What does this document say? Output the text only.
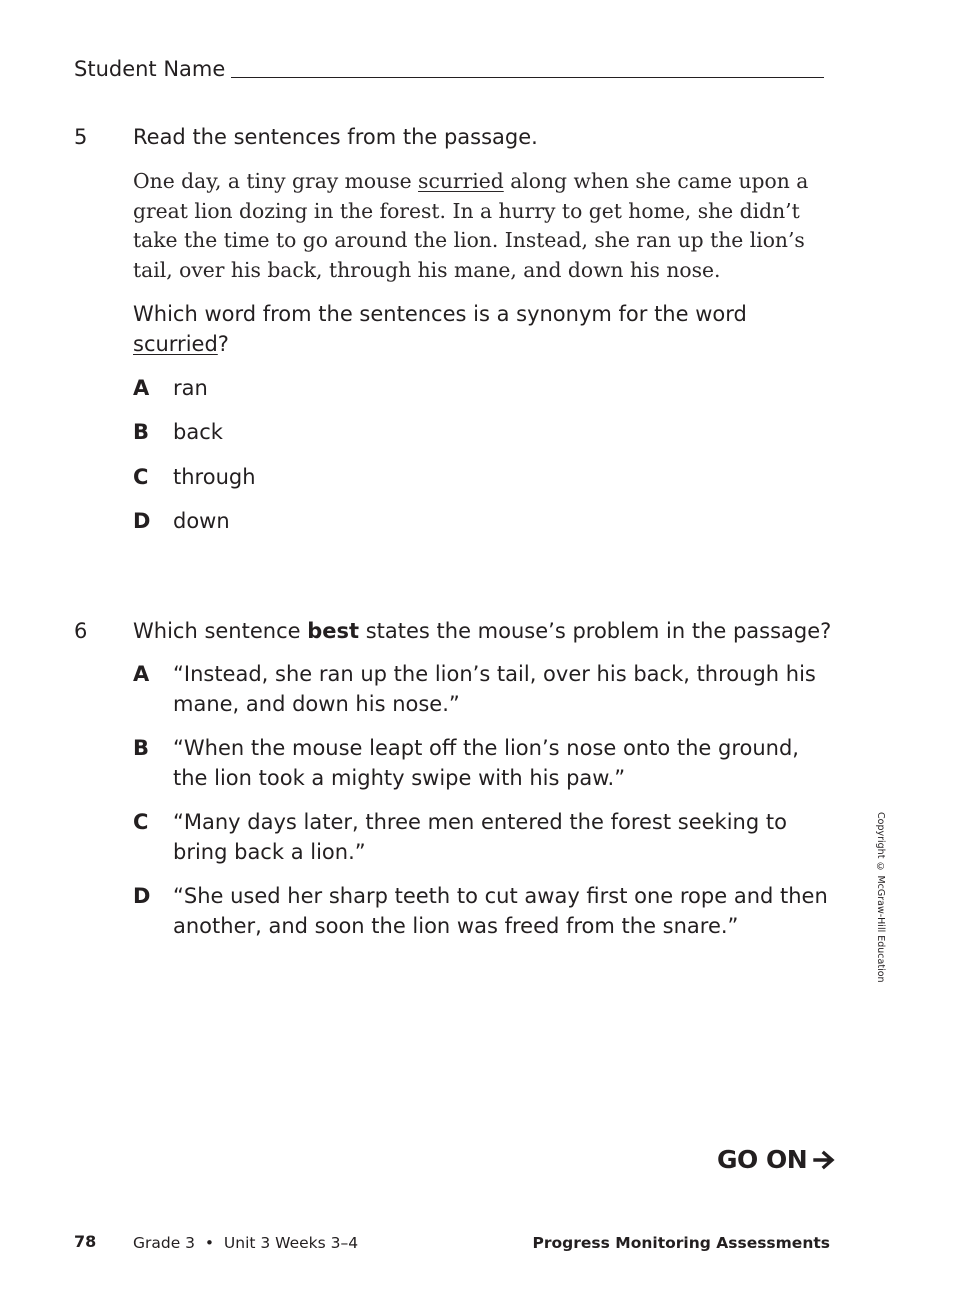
Student Name
5 Read the sentences from the passage.
One day, a tiny gray mouse scurried along when she came upon a great lion dozing in the forest. In a hurry to get home, she didn’t take the time to go around the lion. Instead, she ran up the lion’s tail, over his back, through his mane, and down his nose.
Which word from the sentences is a synonym for the word scurried?
A ran
B back
C through
D down
6 Which sentence best states the mouse’s problem in the passage?
A “Instead, she ran up the lion’s tail, over his back, through his mane, and down his nose.”
B “When the mouse leapt off the lion’s nose onto the ground, the lion took a mighty swipe with his paw.”
C “Many days later, three men entered the forest seeking to bring back a lion.”
D “She used her sharp teeth to cut away first one rope and then another, and soon the lion was freed from the snare.”	Copyright © McGraw-Hill Education
GO ON
78 Grade 3  •  Unit 3 Weeks 3–4	Progress Monitoring Assessments
